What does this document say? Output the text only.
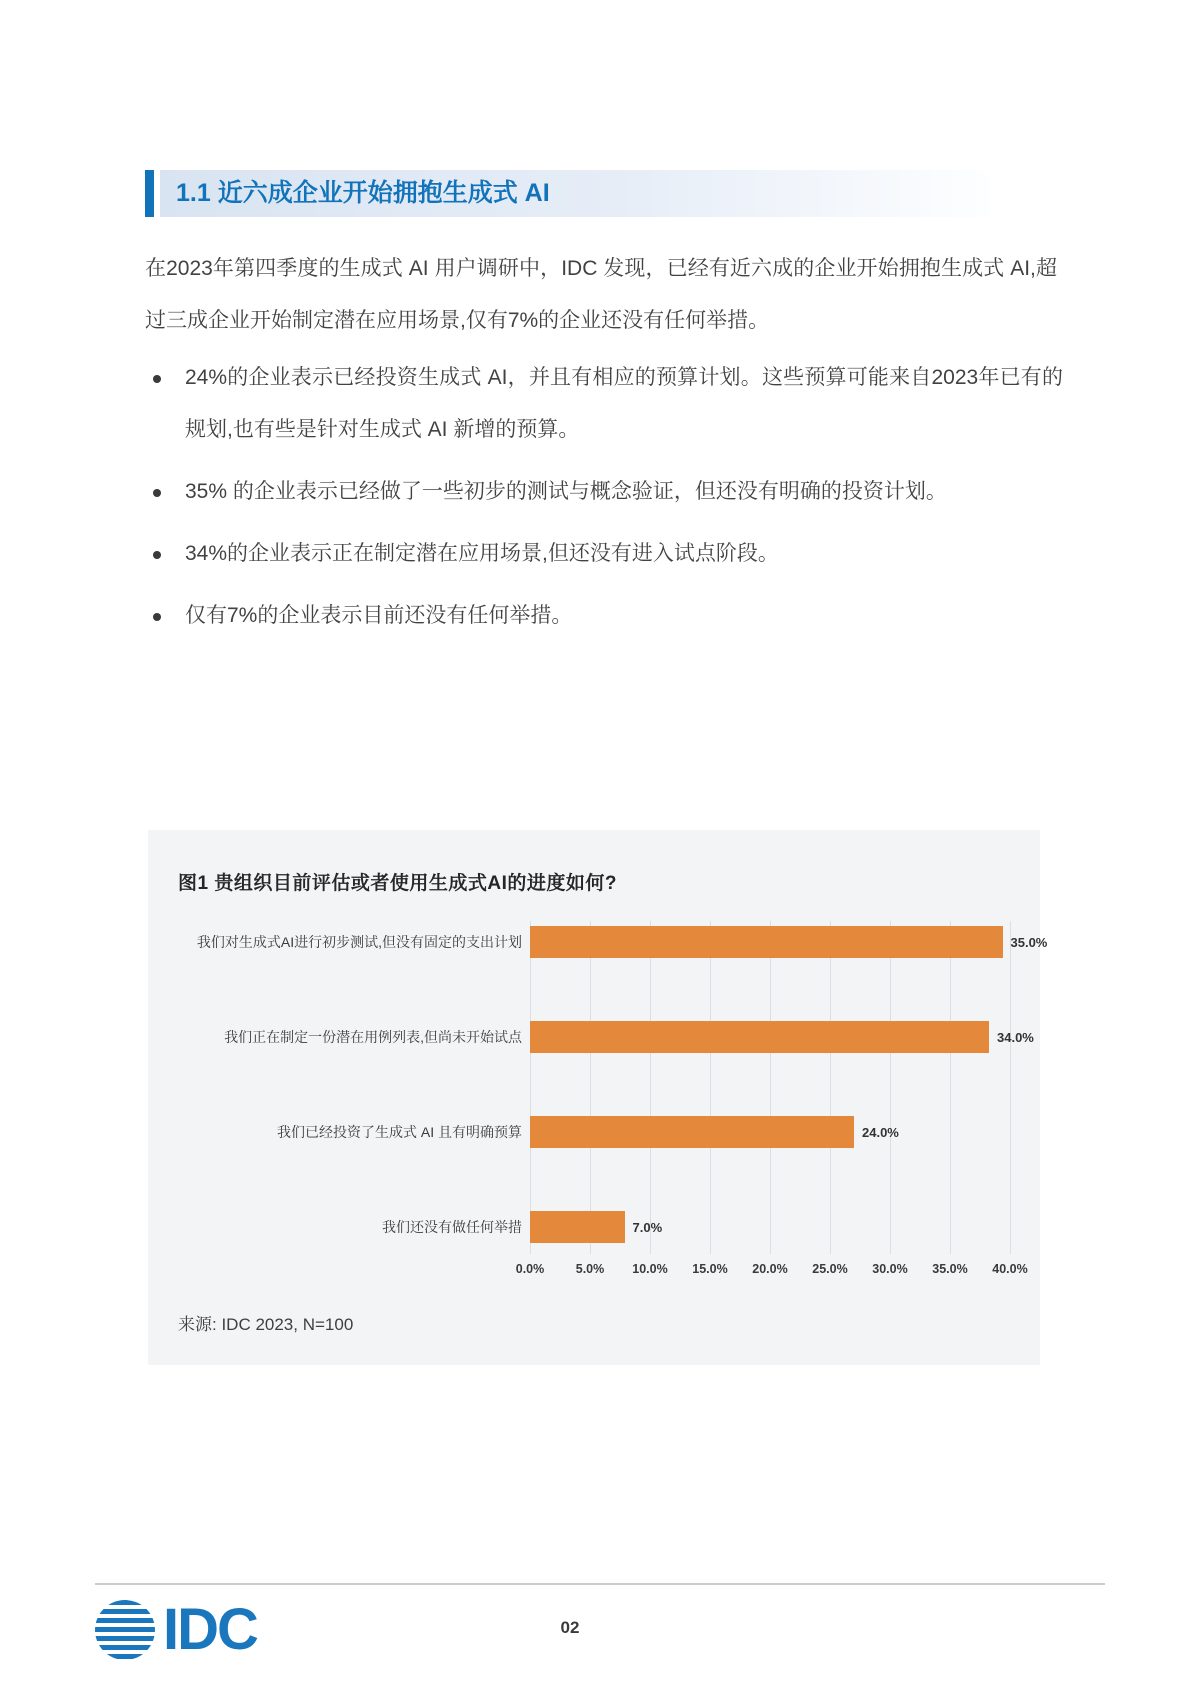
1.1 近六成企业开始拥抱生成式 AI

在2023年第四季度的生成式 AI 用户调研中，IDC 发现，已经有近六成的企业开始拥抱生成式 AI,超过三成企业开始制定潜在应用场景,仅有7%的企业还没有任何举措。

24%的企业表示已经投资生成式 AI，并且有相应的预算计划。这些预算可能来自2023年已有的规划,也有些是针对生成式 AI 新增的预算。
35% 的企业表示已经做了一些初步的测试与概念验证，但还没有明确的投资计划。
34%的企业表示正在制定潜在应用场景,但还没有进入试点阶段。
仅有7%的企业表示目前还没有任何举措。
图1 贵组织目前评估或者使用生成式AI的进度如何?
我们对生成式AI进行初步测试,但没有固定的支出计划
我们正在制定一份潜在用例列表,但尚未开始试点
我们已经投资了生成式 AI 且有明确预算
我们还没有做任何举措
35.0%
34.0%
24.0%
7.0%
0.0%	5.0% 10.0% 15.0% 20.0% 25.0% 30.0% 35.0% 40.0%
来源: IDC 2023, N=100
IDC	02
